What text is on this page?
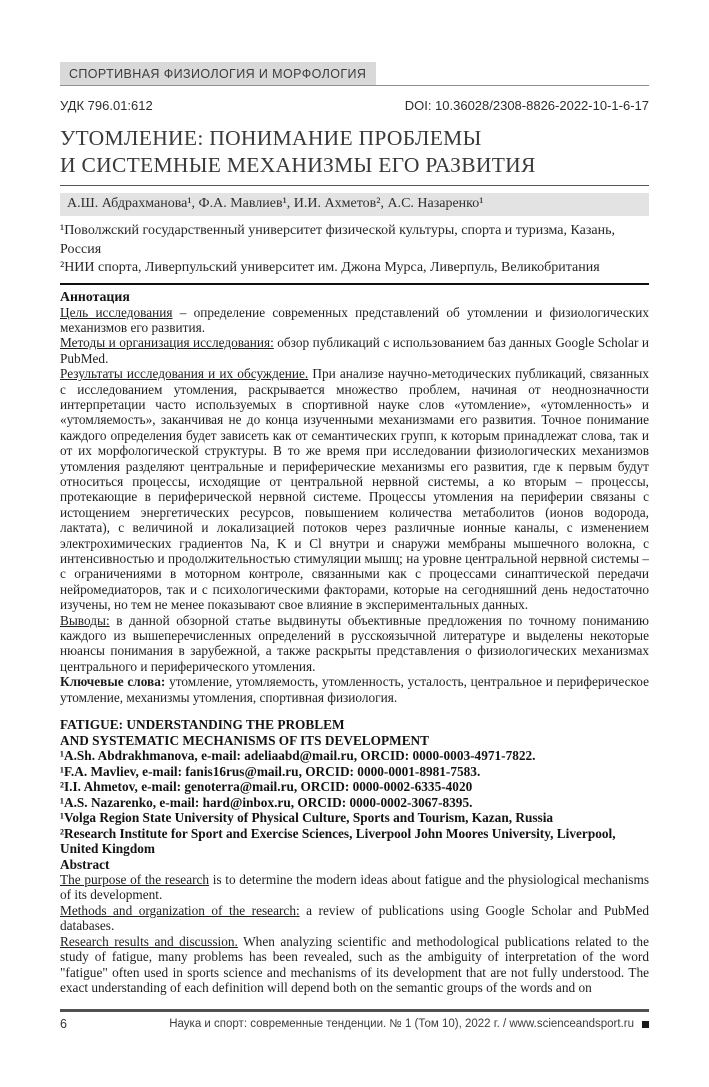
СПОРТИВНАЯ ФИЗИОЛОГИЯ И МОРФОЛОГИЯ
УДК 796.01:612	DOI: 10.36028/2308-8826-2022-10-1-6-17
УТОМЛЕНИЕ: ПОНИМАНИЕ ПРОБЛЕМЫ
И СИСТЕМНЫЕ МЕХАНИЗМЫ ЕГО РАЗВИТИЯ
А.Ш. Абдрахманова¹, Ф.А. Мавлиев¹, И.И. Ахметов², А.С. Назаренко¹
¹Поволжский государственный университет физической культуры, спорта и туризма, Казань, Россия
²НИИ спорта, Ливерпульский университет им. Джона Мурса, Ливерпуль, Великобритания
Аннотация
Цель исследования – определение современных представлений об утомлении и физиологических механизмов его развития.
Методы и организация исследования: обзор публикаций с использованием баз данных Google Scholar и PubMed.
Результаты исследования и их обсуждение. При анализе научно-методических публикаций, связанных с исследованием утомления, раскрывается множество проблем, начиная от неоднозначности интерпретации часто используемых в спортивной науке слов «утомление», «утомленность» и «утомляемость», заканчивая не до конца изученными механизмами его развития. Точное понимание каждого определения будет зависеть как от семантических групп, к которым принадлежат слова, так и от их морфологической структуры. В то же время при исследовании физиологических механизмов утомления разделяют центральные и периферические механизмы его развития, где к первым будут относиться процессы, исходящие от центральной нервной системы, а ко вторым – процессы, протекающие в периферической нервной системе. Процессы утомления на периферии связаны с истощением энергетических ресурсов, повышением количества метаболитов (ионов водорода, лактата), с величиной и локализацией потоков через различные ионные каналы, с изменением электрохимических градиентов Na, K и Cl внутри и снаружи мембраны мышечного волокна, с интенсивностью и продолжительностью стимуляции мышц; на уровне центральной нервной системы – с ограничениями в моторном контроле, связанными как с процессами синаптической передачи нейромедиаторов, так и с психологическими факторами, которые на сегодняшний день недостаточно изучены, но тем не менее показывают свое влияние в экспериментальных данных.
Выводы: в данной обзорной статье выдвинуты объективные предложения по точному пониманию каждого из вышеперечисленных определений в русскоязычной литературе и выделены некоторые нюансы понимания в зарубежной, а также раскрыты представления о физиологических механизмах центрального и периферического утомления.
Ключевые слова: утомление, утомляемость, утомленность, усталость, центральное и периферическое утомление, механизмы утомления, спортивная физиология.
FATIGUE: UNDERSTANDING THE PROBLEM
AND SYSTEMATIC MECHANISMS OF ITS DEVELOPMENT
¹A.Sh. Abdrakhmanova, e-mail: adeliaabd@mail.ru, ORCID: 0000-0003-4971-7822.
¹F.A. Mavliev, e-mail: fanis16rus@mail.ru, ORCID: 0000-0001-8981-7583.
²I.I. Ahmetov, e-mail: genoterra@mail.ru, ORCID: 0000-0002-6335-4020
¹A.S. Nazarenko, e-mail: hard@inbox.ru, ORCID: 0000-0002-3067-8395.
¹Volga Region State University of Physical Culture, Sports and Tourism, Kazan, Russia
²Research Institute for Sport and Exercise Sciences, Liverpool John Moores University, Liverpool, United Kingdom
Abstract
The purpose of the research is to determine the modern ideas about fatigue and the physiological mechanisms of its development.
Methods and organization of the research: a review of publications using Google Scholar and PubMed databases.
Research results and discussion. When analyzing scientific and methodological publications related to the study of fatigue, many problems has been revealed, such as the ambiguity of interpretation of the word "fatigue" often used in sports science and mechanisms of its development that are not fully understood. The exact understanding of each definition will depend both on the semantic groups of the words and on
6	Наука и спорт: современные тенденции. № 1 (Том 10), 2022 г. / www.scienceandsport.ru
